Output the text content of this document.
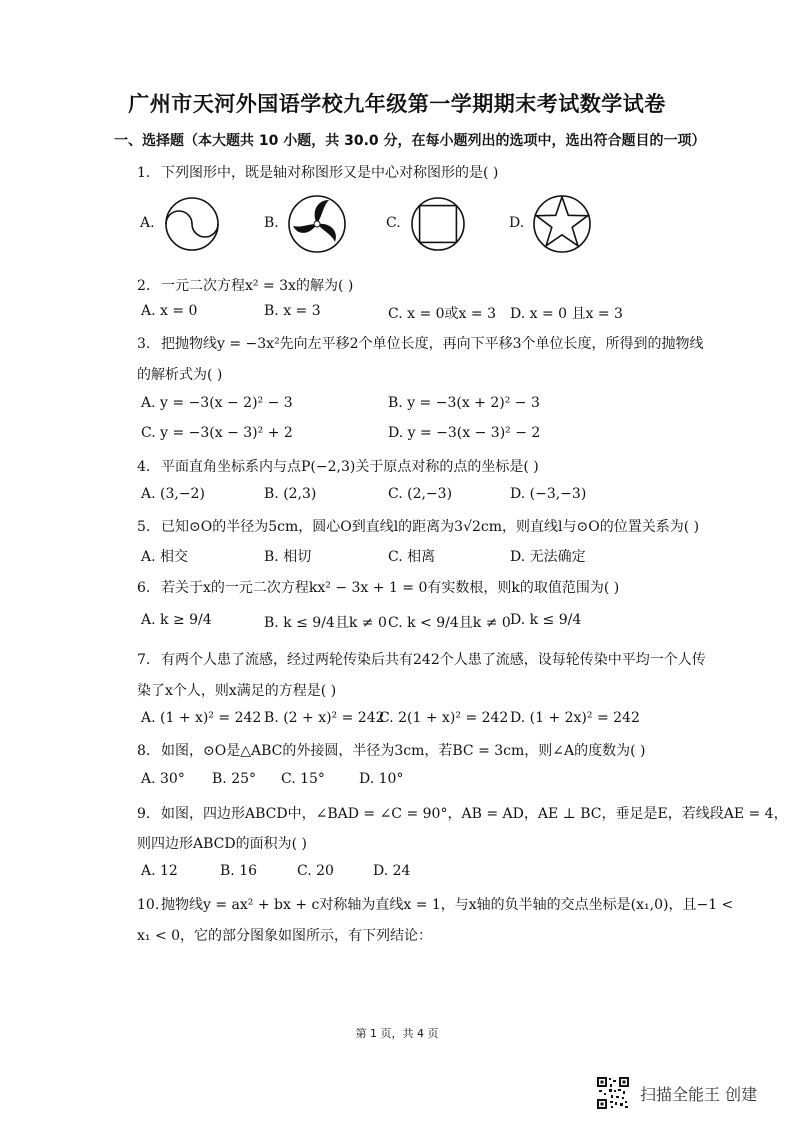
广州市天河外国语学校九年级第一学期期末考试数学试卷
一、选择题（本大题共 10 小题，共 30.0 分，在每小题列出的选项中，选出符合题目的一项）
1. 下列图形中，既是轴对称图形又是中心对称图形的是( )
A.	B.	C.	D.
2. 一元二次方程x² = 3x的解为( )
A. x = 0	B. x = 3	C. x = 0或x = 3 D. x = 0 且x = 3
3. 把抛物线y = −3x²先向左平移2个单位长度，再向下平移3个单位长度，所得到的抛物线
的解析式为( )
A. y = −3(x − 2)² − 3	B. y = −3(x + 2)² − 3
C. y = −3(x − 3)² + 2	D. y = −3(x − 3)² − 2
4. 平面直角坐标系内与点P(−2,3)关于原点对称的点的坐标是( )
A. (3,−2)	B. (2,3)	C. (2,−3)	D. (−3,−3)
5. 已知⊙O的半径为5cm，圆心O到直线l的距离为3√2cm，则直线l与⊙O的位置关系为( )
A. 相交	B. 相切	C. 相离	D. 无法确定
6. 若关于x的一元二次方程kx² − 3x + 1 = 0有实数根，则k的取值范围为( )
A. k ≥ 9/4	B. k ≤ 9/4且k ≠ 0 C. k < 9/4且k ≠ 0 D. k ≤ 9/4
7. 有两个人患了流感，经过两轮传染后共有242个人患了流感，设每轮传染中平均一个人传
染了x个人，则x满足的方程是( )
A. (1 + x)² = 242 B. (2 + x)² = 242
C. 2(1 + x)² = 242 D. (1 + 2x)² = 242
8. 如图，⊙O是△ABC的外接圆，半径为3cm，若BC = 3cm，则∠A的度数为( )
A. 30° B. 25° C. 15° D. 10°
9. 如图，四边形ABCD中，∠BAD = ∠C = 90°，AB = AD，AE ⊥ BC，垂足是E，若线段AE = 4，
则四边形ABCD的面积为( )
A. 12	B. 16	C. 20	D. 24
10. 抛物线y = ax² + bx + c对称轴为直线x = 1，与x轴的负半轴的交点坐标是(x₁,0)，且−1 <
x₁ < 0，它的部分图象如图所示，有下列结论：
第 1 页，共 4 页
扫描全能王 创建
